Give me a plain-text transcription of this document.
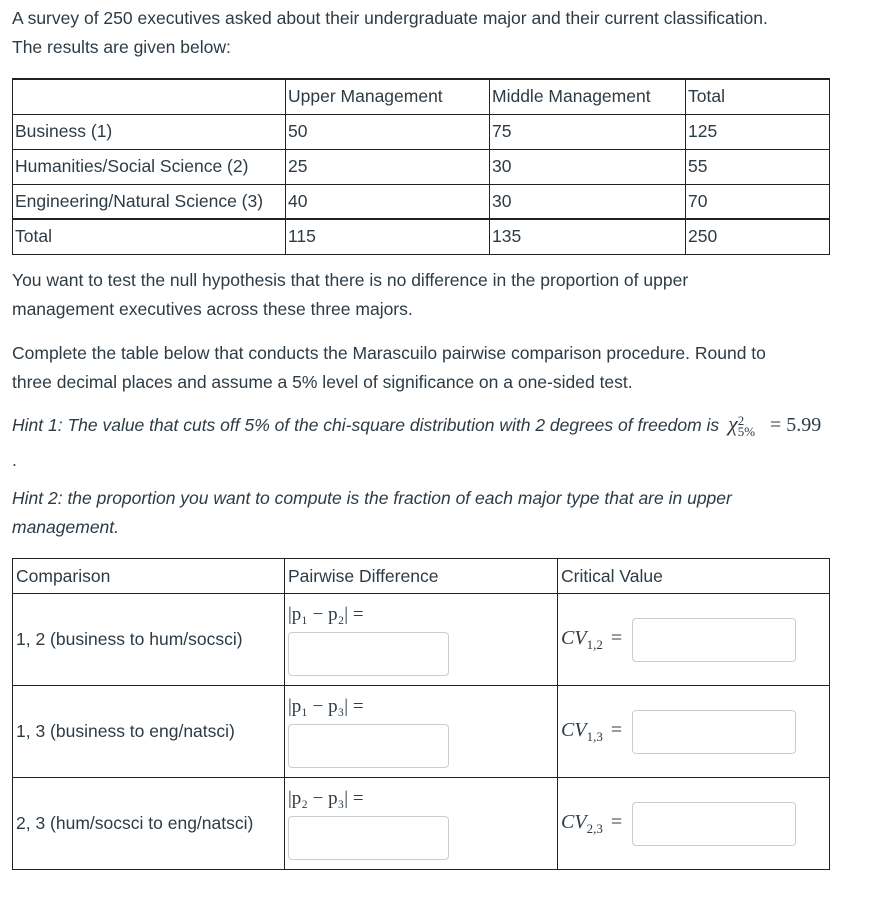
A survey of 250 executives asked about their undergraduate major and their current classification.

The results are given below:

	Upper Management	Middle Management	Total
Business (1)	50	75	125
Humanities/Social Science (2)	25	30	55
Engineering/Natural Science (3)	40	30	70
Total	115	135	250

You want to test the null hypothesis that there is no difference in the proportion of upper

management executives across these three majors.

Complete the table below that conducts the Marascuilo pairwise comparison procedure. Round to

three decimal places and assume a 5% level of significance on a one-sided test.

Hint 1: The value that cuts off 5% of the chi-square distribution with 2 degrees of freedom is χ 2
5% = 5.99

.

Hint 2: the proportion you want to compute is the fraction of each major type that are in upper

management.

Comparison	Pairwise Difference	Critical Value
1, 2 (business to hum/socsci)	|p₁ − p₂| =	$CV_{1,2}$ =
1, 3 (business to eng/natsci)	|p₁ − p₃| =	$CV_{1,3}$ =
2, 3 (hum/socsci to eng/natsci)	|p₂ − p₃| =	$CV_{2,3}$ =
